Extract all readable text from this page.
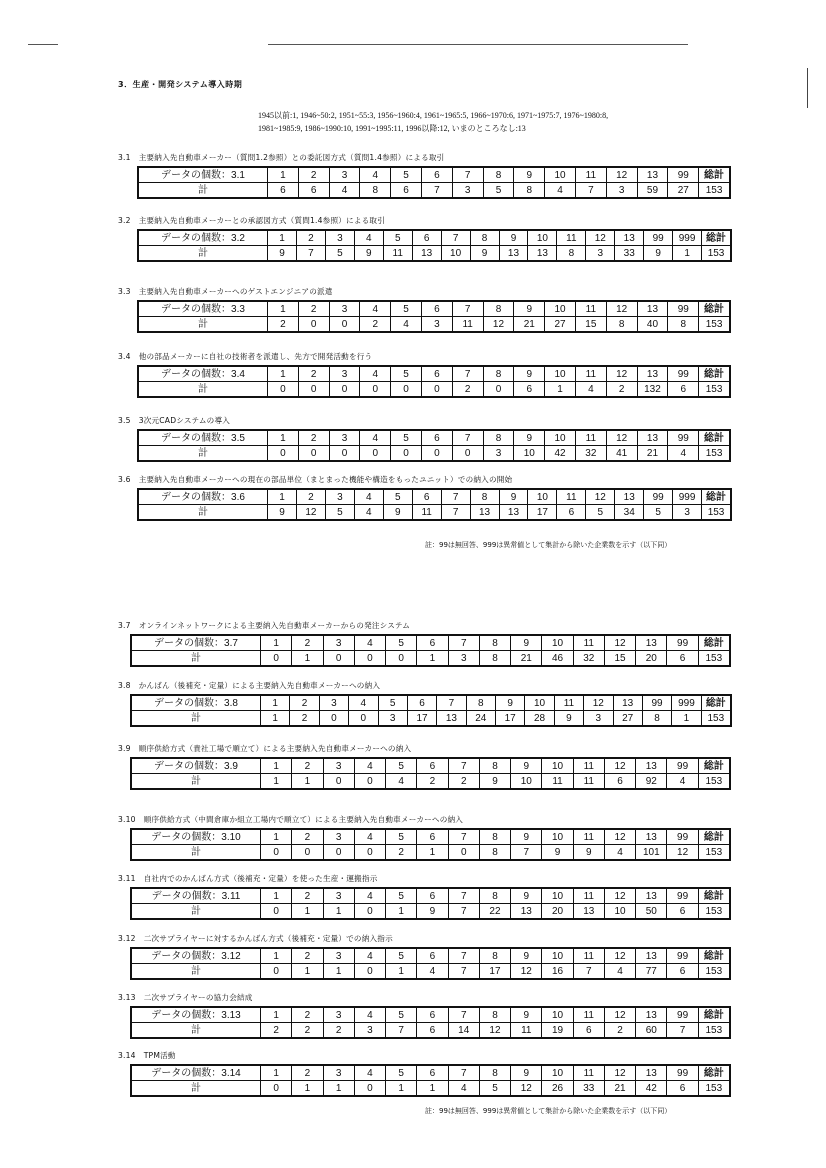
3．生産・開発システム導入時期
1945以前:1, 1946~50:2, 1951~55:3, 1956~1960:4, 1961~1965:5, 1966~1970:6, 1971~1975:7, 1976~1980:8,
1981~1985:9, 1986~1990:10, 1991~1995:11, 1996以降:12, いまのところなし:13
3.1 主要納入先自動車メーカー（質問1.2参照）との委託図方式（質問1.4参照）による取引
データの個数：3.1	1	2	3	4	5	6	7	8	9	10	11	12	13	99	総計
計	6	6	4	8	6	7	3	5	8	4	7	3	59	27	153
3.2 主要納入先自動車メーカーとの承認図方式（質問1.4参照）による取引
データの個数：3.2	1	2	3	4	5	6	7	8	9	10	11	12	13	99	999	総計
計	9	7	5	9	11	13	10	9	13	13	8	3	33	9	1	153
3.3 主要納入先自動車メーカーへのゲストエンジニアの派遣
データの個数：3.3	1	2	3	4	5	6	7	8	9	10	11	12	13	99	総計
計	2	0	0	2	4	3	11	12	21	27	15	8	40	8	153
3.4 他の部品メーカーに自社の技術者を派遣し、先方で開発活動を行う
データの個数：3.4	1	2	3	4	5	6	7	8	9	10	11	12	13	99	総計
計	0	0	0	0	0	0	2	0	6	1	4	2	132	6	153
3.5 3次元CADシステムの導入
データの個数：3.5	1	2	3	4	5	6	7	8	9	10	11	12	13	99	総計
計	0	0	0	0	0	0	0	3	10	42	32	41	21	4	153
3.6 主要納入先自動車メーカーへの現在の部品単位（まとまった機能や構造をもったユニット）での納入の開始
データの個数：3.6	1	2	3	4	5	6	7	8	9	10	11	12	13	99	999	総計
計	9	12	5	4	9	11	7	13	13	17	6	5	34	5	3	153
3.7 オンラインネットワークによる主要納入先自動車メーカーからの発注システム
データの個数：3.7	1	2	3	4	5	6	7	8	9	10	11	12	13	99	総計
計	0	1	0	0	0	1	3	8	21	46	32	15	20	6	153
3.8 かんばん（後補充・定量）による主要納入先自動車メーカーへの納入
データの個数：3.8	1	2	3	4	5	6	7	8	9	10	11	12	13	99	999	総計
計	1	2	0	0	3	17	13	24	17	28	9	3	27	8	1	153
3.9 順序供給方式（貴社工場で順立て）による主要納入先自動車メーカーへの納入
データの個数：3.9	1	2	3	4	5	6	7	8	9	10	11	12	13	99	総計
計	1	1	0	0	4	2	2	9	10	11	11	6	92	4	153
3.10 順序供給方式（中間倉庫か組立工場内で順立て）による主要納入先自動車メーカーへの納入
データの個数：3.10	1	2	3	4	5	6	7	8	9	10	11	12	13	99	総計
計	0	0	0	0	2	1	0	8	7	9	9	4	101	12	153
3.11 自社内でのかんばん方式（後補充・定量）を使った生産・運搬指示
データの個数：3.11	1	2	3	4	5	6	7	8	9	10	11	12	13	99	総計
計	0	1	1	0	1	9	7	22	13	20	13	10	50	6	153
3.12 二次サプライヤーに対するかんばん方式（後補充・定量）での納入指示
データの個数：3.12	1	2	3	4	5	6	7	8	9	10	11	12	13	99	総計
計	0	1	1	0	1	4	7	17	12	16	7	4	77	6	153
3.13 二次サプライヤーの協力会結成
データの個数：3.13	1	2	3	4	5	6	7	8	9	10	11	12	13	99	総計
計	2	2	2	3	7	6	14	12	11	19	6	2	60	7	153
3.14 TPM活動
データの個数：3.14	1	2	3	4	5	6	7	8	9	10	11	12	13	99	総計
計	0	1	1	0	1	1	4	5	12	26	33	21	42	6	153
註：99は無回答、999は異常値として集計から除いた企業数を示す（以下同）
註：99は無回答、999は異常値として集計から除いた企業数を示す（以下同）
